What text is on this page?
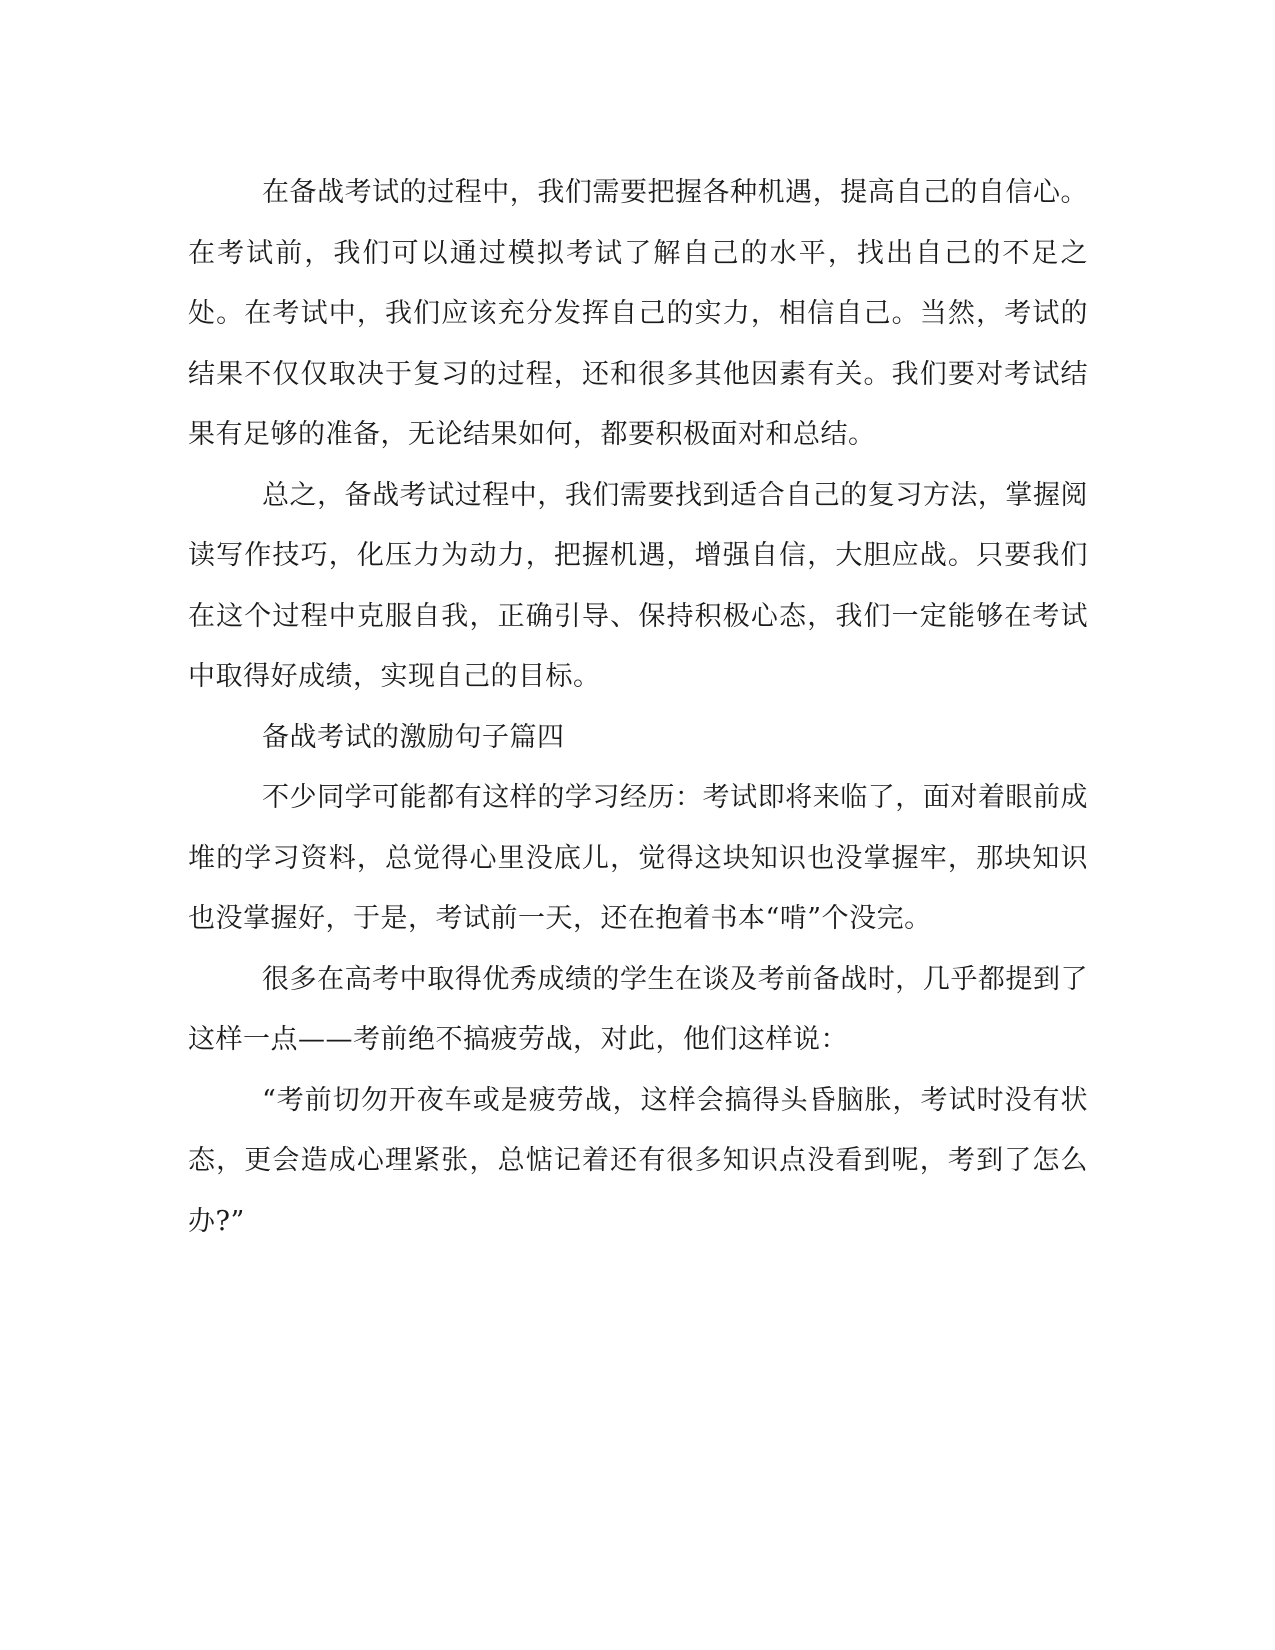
在备战考试的过程中，我们需要把握各种机遇，提高自己的自信心。在考试前，我们可以通过模拟考试了解自己的水平，找出自己的不足之处。在考试中，我们应该充分发挥自己的实力，相信自己。当然，考试的结果不仅仅取决于复习的过程，还和很多其他因素有关。我们要对考试结果有足够的准备，无论结果如何，都要积极面对和总结。

总之，备战考试过程中，我们需要找到适合自己的复习方法，掌握阅读写作技巧，化压力为动力，把握机遇，增强自信，大胆应战。只要我们在这个过程中克服自我，正确引导、保持积极心态，我们一定能够在考试中取得好成绩，实现自己的目标。

备战考试的激励句子篇四

不少同学可能都有这样的学习经历：考试即将来临了，面对着眼前成堆的学习资料，总觉得心里没底儿，觉得这块知识也没掌握牢，那块知识也没掌握好，于是，考试前一天，还在抱着书本“啃”个没完。

很多在高考中取得优秀成绩的学生在谈及考前备战时，几乎都提到了这样一点——考前绝不搞疲劳战，对此，他们这样说：

“考前切勿开夜车或是疲劳战，这样会搞得头昏脑胀，考试时没有状态，更会造成心理紧张，总惦记着还有很多知识点没看到呢，考到了怎么办?”
